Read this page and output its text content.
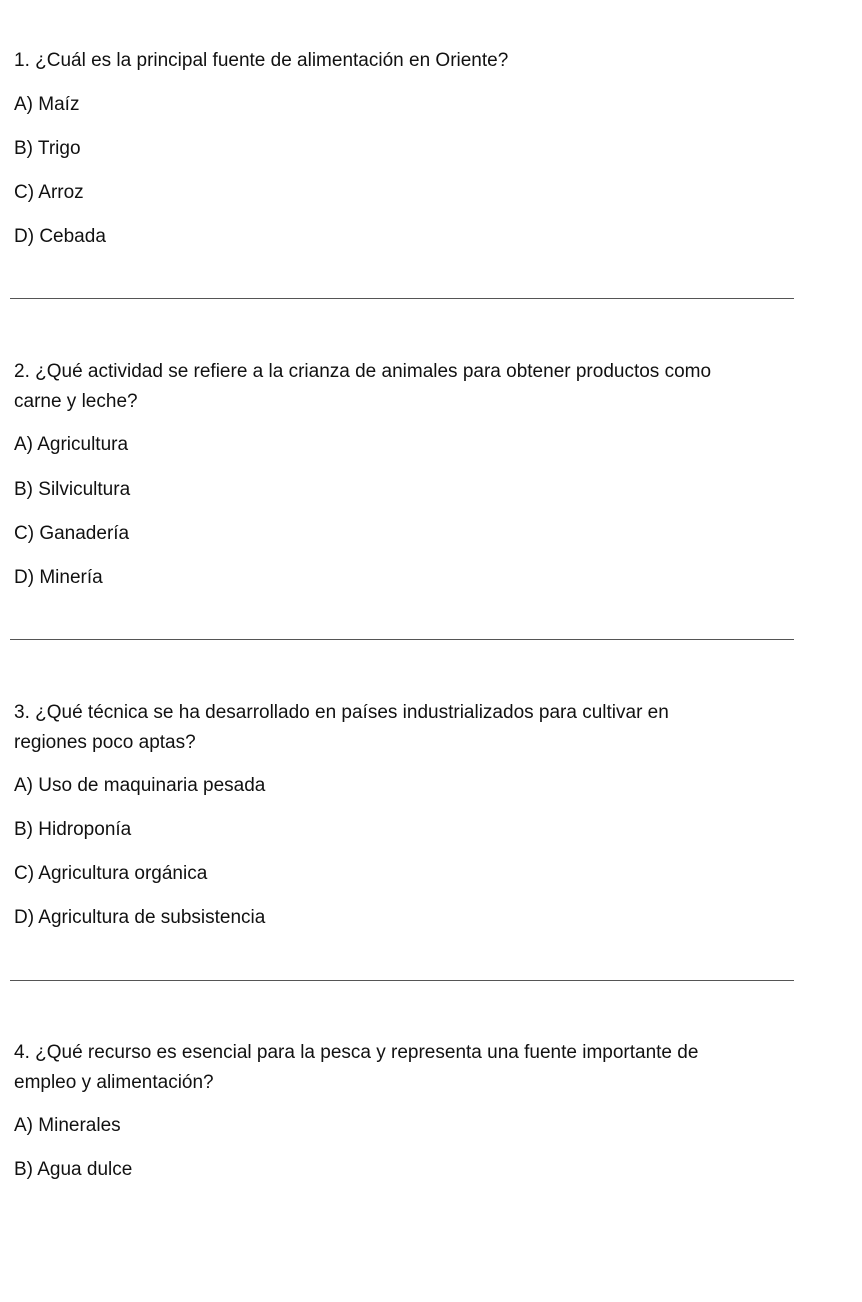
1. ¿Cuál es la principal fuente de alimentación en Oriente?
A) Maíz
B) Trigo
C) Arroz
D) Cebada
2. ¿Qué actividad se refiere a la crianza de animales para obtener productos como
carne y leche?
A) Agricultura
B) Silvicultura
C) Ganadería
D) Minería
3. ¿Qué técnica se ha desarrollado en países industrializados para cultivar en
regiones poco aptas?
A) Uso de maquinaria pesada
B) Hidroponía
C) Agricultura orgánica
D) Agricultura de subsistencia
4. ¿Qué recurso es esencial para la pesca y representa una fuente importante de
empleo y alimentación?
A) Minerales
B) Agua dulce
